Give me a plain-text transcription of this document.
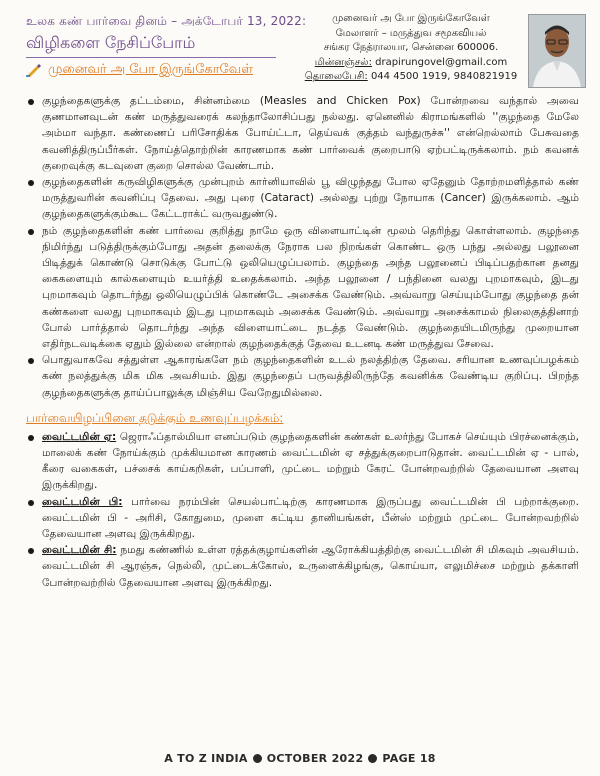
உலக கண் பார்வை தினம் – அக்டோபர் 13, 2022:
விழிகளை நேசிப்போம்
முனைவர் அ போ இருங்கோவேள்
முனைவர் அ போ இருங்கோவேள்
மேலாளர் – மருத்துவ சமூகவியல்
சங்கர நேத்ராலயா, சென்னை 600006.
மின்னஞ்சல்: drapirungovel@gmail.com
தொலைபேசி: 044 4500 1919, 9840821919
குழந்தைகளுக்கு தட்டம்மை, சின்னம்மை (Measles and Chicken Pox) போன்றவை வந்தால் அவை குணமானவுடன் கண் மருத்துவரைக் கலந்தாலோசிப்பது நல்லது. ஏனெனில் கிராமங்களில் ''குழந்தை மேலே அம்மா வந்தா. கண்ணைப் பரிசோதிக்க போய்ட்டா, தெய்வக் குத்தம் வந்துருச்சு'' என்றெல்லாம் பேசுவதை கவனித்திருப்பீர்கள். நோய்த்தொற்றின் காரணமாக கண் பார்வைக் குறைபாடு ஏற்பட்டிருக்கலாம். நம் கவனக் குறைவுக்கு கடவுளை குறை சொல்ல வேண்டாம்.
குழந்தைகளின் கருவிழிகளுக்கு முன்புறம் கார்னியாவில் பூ விழுந்தது போல ஏதேனும் தோற்றமளித்தால் கண் மருத்துவரின் கவனிப்பு தேவை. அது புரை (Cataract) அல்லது புற்று நோயாக (Cancer) இருக்கலாம். ஆம் குழந்தைகளுக்கும்கூட கேட்டராக்ட் வருவதுண்டு.
நம் குழந்தைகளின் கண் பார்வை குறித்து நாமே ஒரு விளையாட்டின் மூலம் தெரிந்து கொள்ளலாம். குழந்தை நிமிர்ந்து படுத்திருக்கும்போது அதன் தலைக்கு நேராக பல நிறங்கள் கொண்ட ஒரு பந்து அல்லது பலூனை பிடித்துக் கொண்டு சொடுக்கு போட்டு ஒலியெழுப்பலாம். குழந்தை அந்த பலூனைப் பிடிப்பதற்கான தனது கைகளையும் கால்களையும் உயர்த்தி உதைக்கலாம். அந்த பலூனை / பந்தினை வலது புறமாகவும், இடது புறமாகவும் தொடர்ந்து ஒலியெழுப்பிக் கொண்டே அசைக்க வேண்டும். அவ்வாறு செய்யும்போது குழந்தை தன் கண்களை வலது புறமாகவும் இடது புறமாகவும் அசைக்க வேண்டும். அவ்வாறு அசைக்காமல் நிலைகுத்தினாற் போல் பார்த்தால் தொடர்ந்து அந்த விளையாட்டை நடத்த வேண்டும். குழந்தையிடமிருந்து முறையான எதிர்நடவடிக்கை ஏதும் இல்லை என்றால் குழந்தைக்குத் தேவை உடனடி கண் மருத்துவ சேவை.
பொதுவாகவே சத்துள்ள ஆகாரங்களே நம் குழந்தைகளின் உடல் நலத்திற்கு தேவை. சரியான உணவுப்பழக்கம் கண் நலத்துக்கு மிக மிக அவசியம். இது குழந்தைப் பருவத்திலிருந்தே கவனிக்க வேண்டிய குறிப்பு. பிறந்த குழந்தைகளுக்கு தாய்ப்பாலுக்கு மிஞ்சிய வேறேதுமில்லை.
பார்வையிழப்பினை தடுக்கும் உணவுப்பழக்கம்:
வைட்டமின் ஏ: ஜெராஃப்தால்மியா எனப்படும் குழந்தைகளின் கண்கள் உலர்ந்து போகச் செய்யும் பிரச்னைக்கும், மாலைக் கண் நோய்க்கும் முக்கியமான காரணம் வைட்டமின் ஏ சத்துக்குறைபாடுதான். வைட்டமின் ஏ - பால், கீரை வகைகள், பச்சைக் காய்கறிகள், பப்பாளி, முட்டை மற்றும் கேரட் போன்றவற்றில் தேவையான அளவு இருக்கிறது.
வைட்டமின் பி: பார்வை நரம்பின் செயல்பாட்டிற்கு காரணமாக இருப்பது வைட்டமின் பி பற்றாக்குறை. வைட்டமின் பி - அரிசி, கோதுமை, முளை கட்டிய தானியங்கள், பீன்ஸ் மற்றும் முட்டை போன்றவற்றில் தேவையான அளவு இருக்கிறது.
வைட்டமின் சி: நமது கண்ணில் உள்ள ரத்தக்குழாய்களின் ஆரோக்கியத்திற்கு வைட்டமின் சி மிகவும் அவசியம். வைட்டமின் சி ஆரஞ்சு, நெல்லி, முட்டைக்கோஸ், உருளைக்கிழங்கு, கொய்யா, எலுமிச்சை மற்றும் தக்காளி போன்றவற்றில் தேவையான அளவு இருக்கிறது.
A TO Z INDIA OCTOBER 2022 PAGE 18
